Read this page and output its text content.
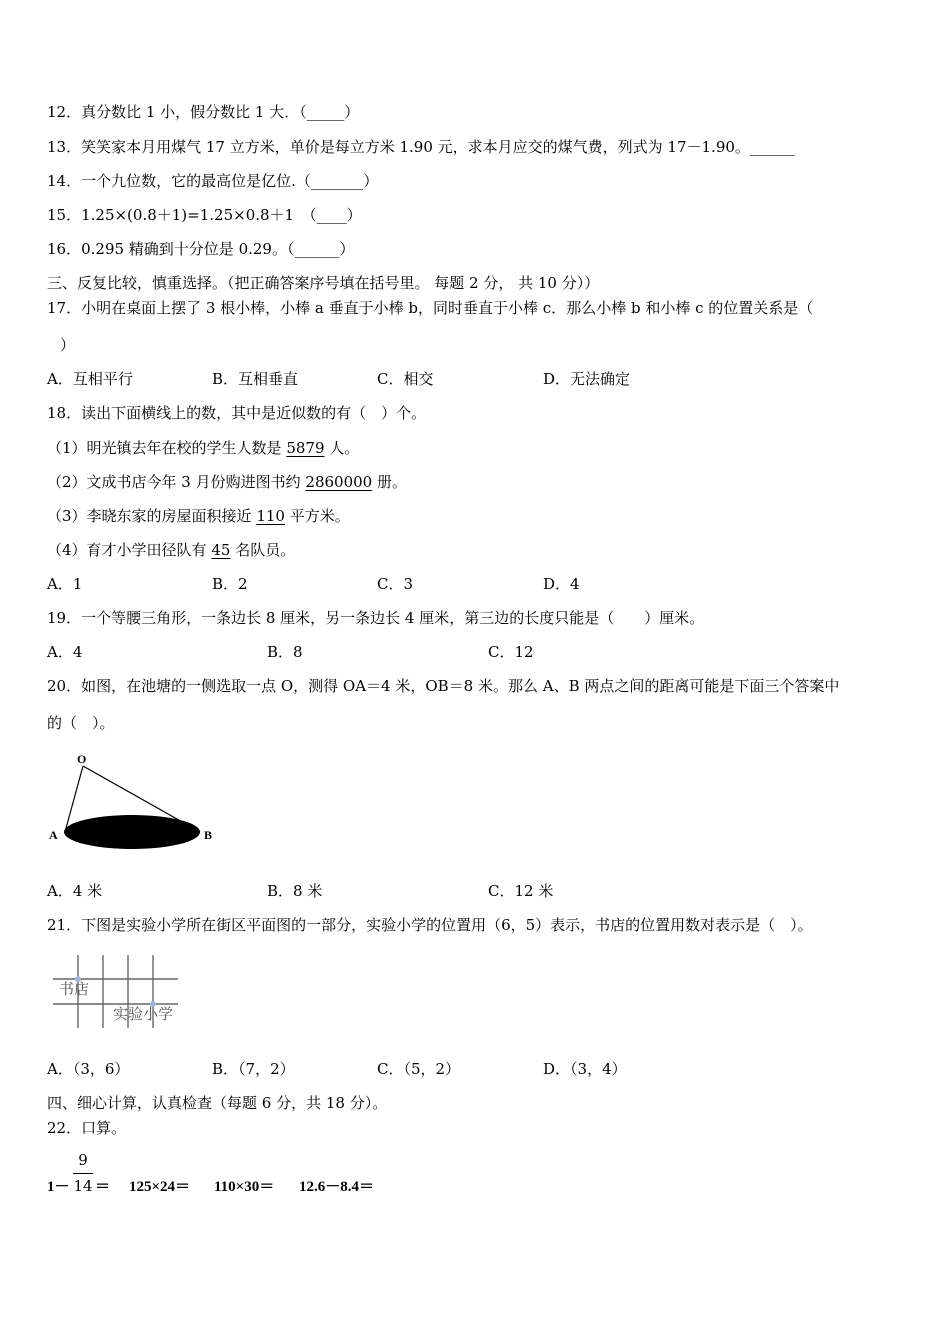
12．真分数比 1 小，假分数比 1 大．（_____）
13．笑笑家本月用煤气 17 立方米，单价是每立方米 1.90 元，求本月应交的煤气费，列式为 17－1.90。______
14．一个九位数，它的最高位是亿位.（_______）
15．1.25×(0.8＋1)=1.25×0.8＋1　（____）
16．0.295 精确到十分位是 0.29。（______）
三、反复比较，慎重选择。（把正确答案序号填在括号里。 每题 2 分， 共 10 分））
17．小明在桌面上摆了 3 根小棒，小棒 a 垂直于小棒 b，同时垂直于小棒 c．那么小棒 b 和小棒 c 的位置关系是（
）
A．互相平行	B．互相垂直	C．相交	D．无法确定
18．读出下面横线上的数，其中是近似数的有（　）个。
（1）明光镇去年在校的学生人数是 5879 人。
（2）文成书店今年 3 月份购进图书约 2860000 册。
（3）李晓东家的房屋面积接近 110 平方米。
（4）育才小学田径队有 45 名队员。
A．1	B．2	C．3	D．4
19．一个等腰三角形，一条边长 8 厘米，另一条边长 4 厘米，第三边的长度只能是（　　）厘米。
A．4	B．8	C．12
20．如图，在池塘的一侧选取一点 O，测得 OA＝4 米，OB＝8 米。那么 A、B 两点之间的距离可能是下面三个答案中
的（　）。
O
A	B
A．4 米	B．8 米	C．12 米
21．下图是实验小学所在街区平面图的一部分，实验小学的位置用（6，5）表示，书店的位置用数对表示是（　）。
书店
实验小学
A．（3，6）	B．（7，2）	C．（5，2）	D．（3，4）
四、细心计算，认真检查（每题 6 分，共 18 分）。
22．口算。
1－
9
14 ＝ 125×24＝ 110×30＝ 12.6－8.4＝
